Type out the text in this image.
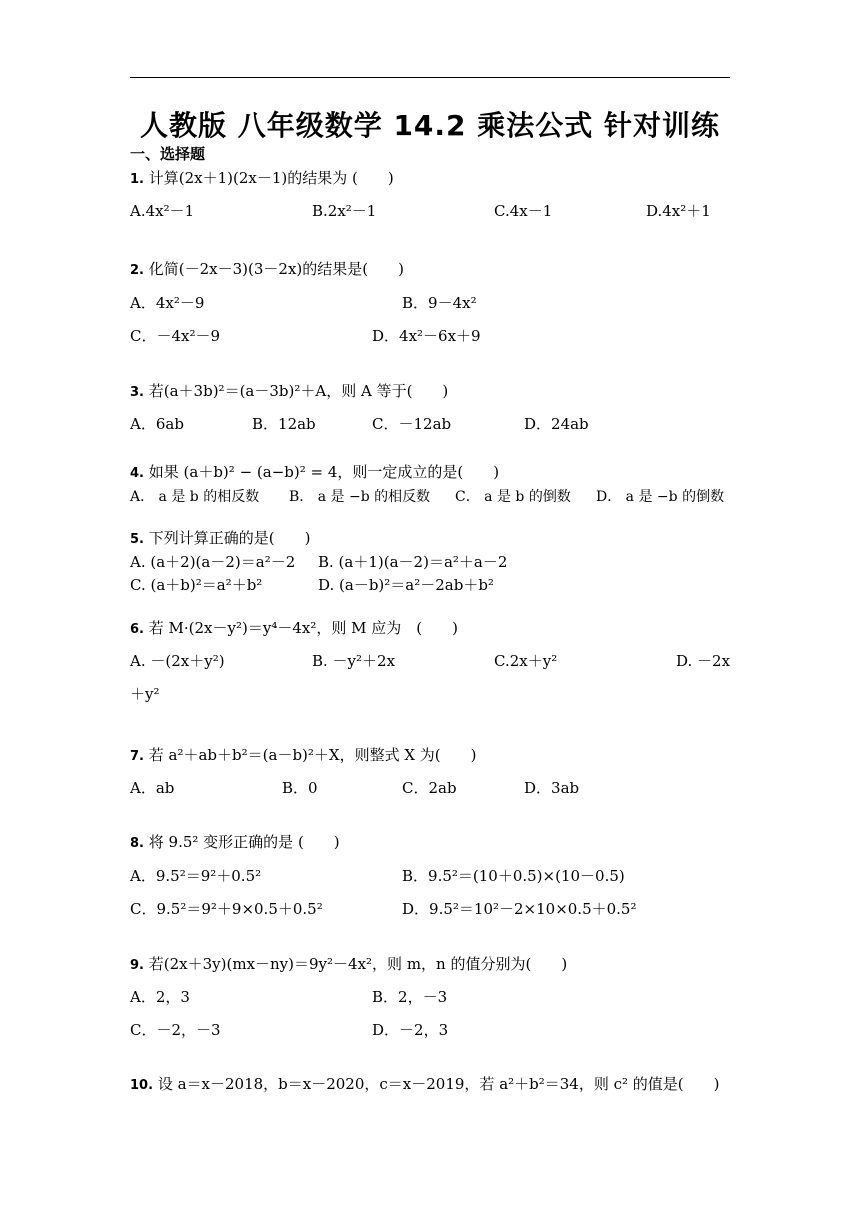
人教版 八年级数学 14.2 乘法公式 针对训练
一、选择题
1. 计算(2x＋1)(2x－1)的结果为 (　　)
A.4x²－1	B.2x²－1	C.4x－1	D.4x²＋1
2. 化简(－2x－3)(3－2x)的结果是(　　)
A．4x²－9	B．9－4x²
C．－4x²－9	D．4x²－6x＋9
3. 若(a＋3b)²＝(a－3b)²＋A，则 A 等于(　　)
A．6ab	B．12ab	C．－12ab	D．24ab
4. 如果 (a＋b)² − (a−b)² = 4，则一定成立的是(　　)
A． a 是 b 的相反数 B． a 是 −b 的相反数 C． a 是 b 的倒数 D． a 是 −b 的倒数
5. 下列计算正确的是(　　)
A. (a＋2)(a－2)＝a²－2 B. (a＋1)(a－2)＝a²＋a－2
C. (a＋b)²＝a²＋b²	D. (a－b)²＝a²－2ab＋b²
6. 若 M·(2x－y²)＝y⁴－4x²，则 M 应为　(　　)
A. －(2x＋y²)	B. －y²＋2x	C.2x＋y²	D. －2x
＋y²
7. 若 a²＋ab＋b²＝(a－b)²＋X，则整式 X 为(　　)
A．ab	B．0	C．2ab	D．3ab
8. 将 9.5² 变形正确的是 (　　)
A．9.5²＝9²＋0.5²	B．9.5²＝(10＋0.5)×(10－0.5)
C．9.5²＝9²＋9×0.5＋0.5²	D．9.5²＝10²－2×10×0.5＋0.5²
9. 若(2x＋3y)(mx－ny)＝9y²－4x²，则 m，n 的值分别为(　　)
A．2，3	B．2，－3
C．－2，－3	D．－2，3
10. 设 a＝x－2018，b＝x－2020，c＝x－2019，若 a²＋b²＝34，则 c² 的值是(　　)
